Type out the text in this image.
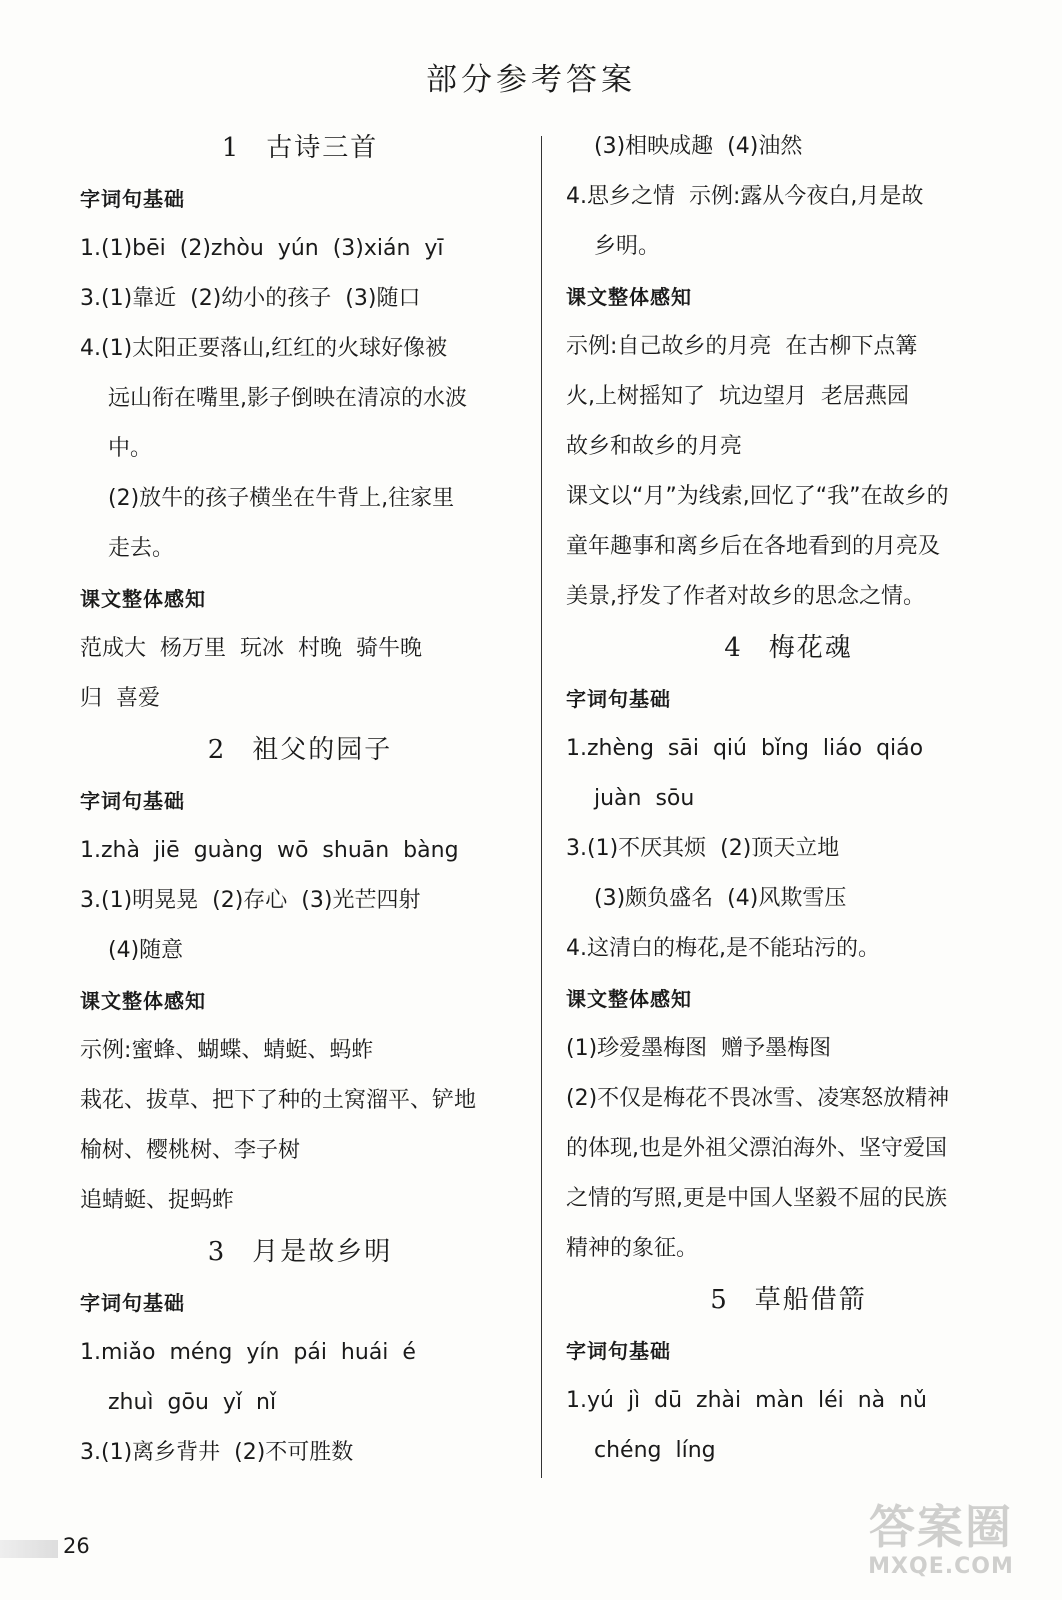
部分参考答案
1 古诗三首
字词句基础
1.(1)bēi  (2)zhòu  yún  (3)xián  yī
3.(1)靠近  (2)幼小的孩子  (3)随口
4.(1)太阳正要落山,红红的火球好像被
远山衔在嘴里,影子倒映在清凉的水波
中。
(2)放牛的孩子横坐在牛背上,往家里
走去。
课文整体感知
范成大  杨万里  玩冰  村晚  骑牛晚
归  喜爱
2 祖父的园子
字词句基础
1.zhà  jiē  guàng  wō  shuān  bàng
3.(1)明晃晃  (2)存心  (3)光芒四射
(4)随意
课文整体感知
示例:蜜蜂、蝴蝶、蜻蜓、蚂蚱
栽花、拔草、把下了种的土窝溜平、铲地
榆树、樱桃树、李子树
追蜻蜓、捉蚂蚱
3 月是故乡明
字词句基础
1.miǎo  méng  yín  pái  huái  é
zhuì  gōu  yǐ  nǐ
3.(1)离乡背井  (2)不可胜数
(3)相映成趣  (4)油然
4.思乡之情  示例:露从今夜白,月是故
乡明。
课文整体感知
示例:自己故乡的月亮  在古柳下点篝
火,上树摇知了  坑边望月  老居燕园
故乡和故乡的月亮
课文以“月”为线索,回忆了“我”在故乡的
童年趣事和离乡后在各地看到的月亮及
美景,抒发了作者对故乡的思念之情。
4 梅花魂
字词句基础
1.zhèng  sāi  qiú  bǐng  liáo  qiáo
juàn  sōu
3.(1)不厌其烦  (2)顶天立地
(3)颇负盛名  (4)风欺雪压
4.这清白的梅花,是不能玷污的。
课文整体感知
(1)珍爱墨梅图  赠予墨梅图
(2)不仅是梅花不畏冰雪、凌寒怒放精神
的体现,也是外祖父漂泊海外、坚守爱国
之情的写照,更是中国人坚毅不屈的民族
精神的象征。
5 草船借箭
字词句基础
1.yú  jì  dū  zhài  màn  léi  nà  nǔ
chéng  líng
26	答案圈
MXQE.COM
